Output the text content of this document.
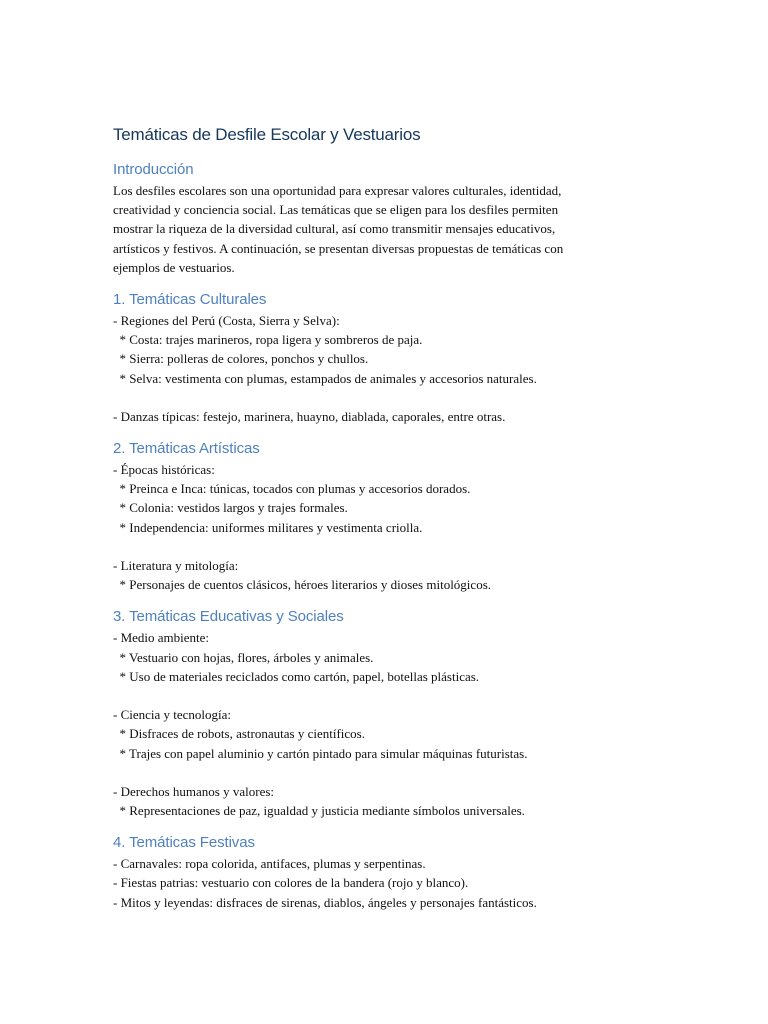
Temáticas de Desfile Escolar y Vestuarios
Introducción
Los desfiles escolares son una oportunidad para expresar valores culturales, identidad,
creatividad y conciencia social. Las temáticas que se eligen para los desfiles permiten
mostrar la riqueza de la diversidad cultural, así como transmitir mensajes educativos,
artísticos y festivos. A continuación, se presentan diversas propuestas de temáticas con
ejemplos de vestuarios.
1. Temáticas Culturales
- Regiones del Perú (Costa, Sierra y Selva):
* Costa: trajes marineros, ropa ligera y sombreros de paja.
* Sierra: polleras de colores, ponchos y chullos.
* Selva: vestimenta con plumas, estampados de animales y accesorios naturales.
- Danzas típicas: festejo, marinera, huayno, diablada, caporales, entre otras.
2. Temáticas Artísticas
- Épocas históricas:
* Preinca e Inca: túnicas, tocados con plumas y accesorios dorados.
* Colonia: vestidos largos y trajes formales.
* Independencia: uniformes militares y vestimenta criolla.
- Literatura y mitología:
* Personajes de cuentos clásicos, héroes literarios y dioses mitológicos.
3. Temáticas Educativas y Sociales
- Medio ambiente:
* Vestuario con hojas, flores, árboles y animales.
* Uso de materiales reciclados como cartón, papel, botellas plásticas.
- Ciencia y tecnología:
* Disfraces de robots, astronautas y científicos.
* Trajes con papel aluminio y cartón pintado para simular máquinas futuristas.
- Derechos humanos y valores:
* Representaciones de paz, igualdad y justicia mediante símbolos universales.
4. Temáticas Festivas
- Carnavales: ropa colorida, antifaces, plumas y serpentinas.
- Fiestas patrias: vestuario con colores de la bandera (rojo y blanco).
- Mitos y leyendas: disfraces de sirenas, diablos, ángeles y personajes fantásticos.
